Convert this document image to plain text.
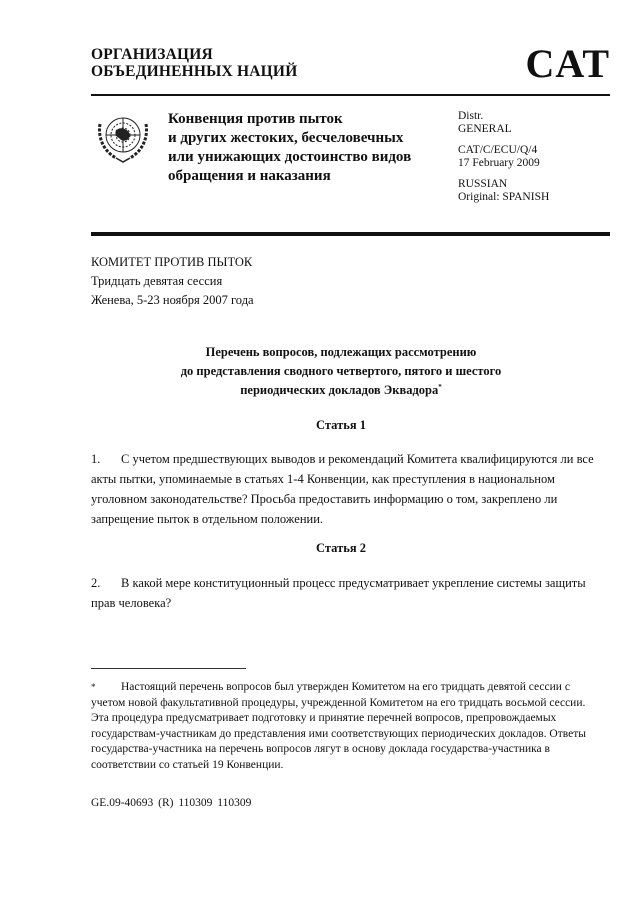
ОРГАНИЗАЦИЯ
ОБЪЕДИНЕННЫХ НАЦИЙ	CAT
Конвенция против пыток
и других жестоких, бесчеловечных
или унижающих достоинство видов
обращения и наказания
Distr.
GENERAL
CAT/C/ECU/Q/4
17 February 2009
RUSSIAN
Original: SPANISH
КОМИТЕТ ПРОТИВ ПЫТОК
Тридцать девятая сессия
Женева, 5-23 ноября 2007 года
Перечень вопросов, подлежащих рассмотрению
до представления сводного четвертого, пятого и шестого
периодических докладов Эквадора*
Статья 1
1. С учетом предшествующих выводов и рекомендаций Комитета квалифицируются ли все акты пытки, упоминаемые в статьях 1-4 Конвенции, как преступления в национальном уголовном законодательстве? Просьба предоставить информацию о том, закреплено ли запрещение пыток в отдельном положении.
Статья 2
2. В какой мере конституционный процесс предусматривает укрепление системы защиты прав человека?
* Настоящий перечень вопросов был утвержден Комитетом на его тридцать девятой сессии с учетом новой факультативной процедуры, учрежденной Комитетом на его тридцать восьмой сессии. Эта процедура предусматривает подготовку и принятие перечней вопросов, препровождаемых государствам-участникам до представления ими соответствующих периодических докладов. Ответы государства-участника на перечень вопросов лягут в основу доклада государства-участника в соответствии со статьей 19 Конвенции.
GE.09-40693 (R) 110309 110309
